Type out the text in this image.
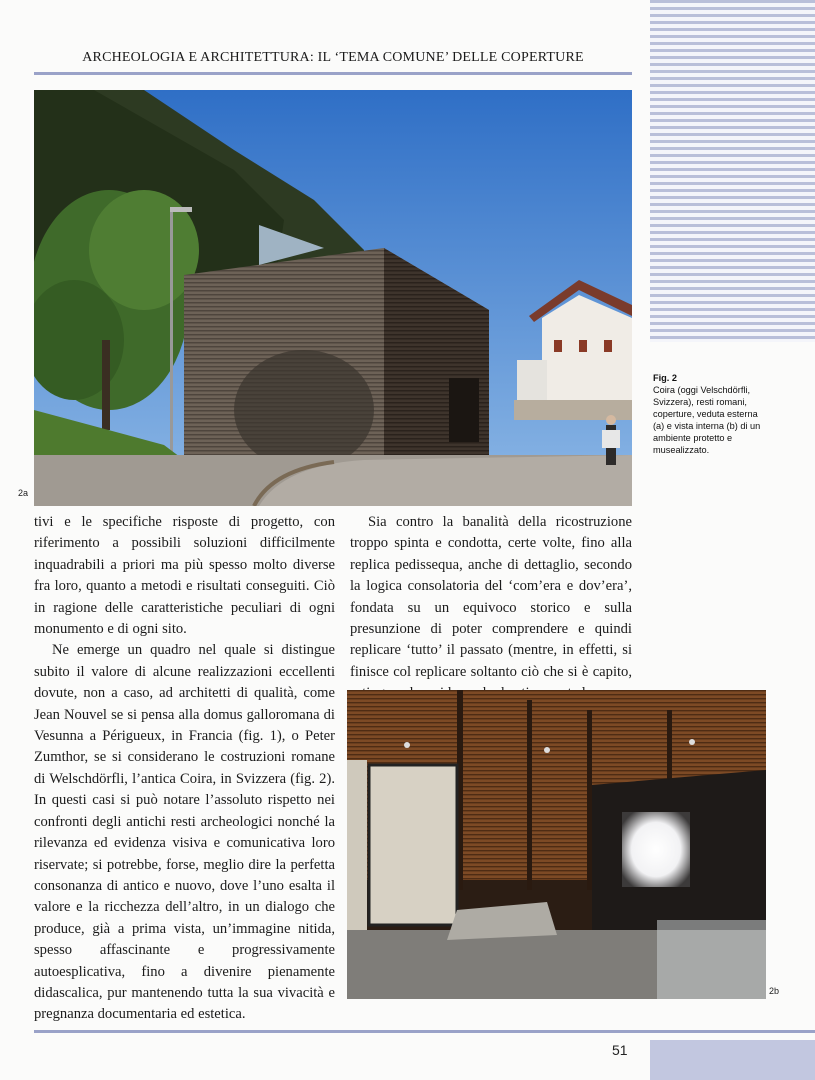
ARCHEOLOGIA E ARCHITETTURA: IL ‘TEMA COMUNE’ DELLE COPERTURE
2a
Fig. 2
Coira (oggi Velschdörfli, Svizzera), resti romani, coperture, veduta esterna (a) e vista interna (b) di un ambiente protetto e musealizzato.

tivi e le specifiche risposte di progetto, con riferimento a possibili soluzioni difficilmente inquadrabili a priori ma più spesso molto diverse fra loro, quanto a metodi e risultati conseguiti. Ciò in ragione delle caratteristiche peculiari di ogni monumento e di ogni sito.

Ne emerge un quadro nel quale si distingue subito il valore di alcune realizzazioni eccellenti dovute, non a caso, ad architetti di qualità, come Jean Nouvel se si pensa alla domus galloromana di Vesunna a Périgueux, in Francia (fig. 1), o Peter Zumthor, se si considerano le costruzioni romane di Welschdörfli, l’antica Coira, in Svizzera (fig. 2). In questi casi si può notare l’assoluto rispetto nei confronti degli antichi resti archeologici nonché la rilevanza ed evidenza visiva e comunicativa loro riservate; si potrebbe, forse, meglio dire la perfetta consonanza di antico e nuovo, dove l’uno esalta il valore e la ricchezza dell’altro, in un dialogo che produce, già a prima vista, un’immagine nitida, spesso affascinante e progressivamente autoesplicativa, fino a divenire pienamente didascalica, pur mantenendo tutta la sua vivacità e pregnanza documentaria ed estetica.

Sia contro la banalità della ricostruzione troppo spinta e condotta, certe volte, fino alla replica pedissequa, anche di dettaglio, secondo la logica consolatoria del ‘com’era e dov’era’, fondata su un equivoco storico e sulla presunzione di poter comprendere e quindi replicare ‘tutto’ il passato (mentre, in effetti, si finisce col replicare soltanto ciò che si è capito,

2b
51
